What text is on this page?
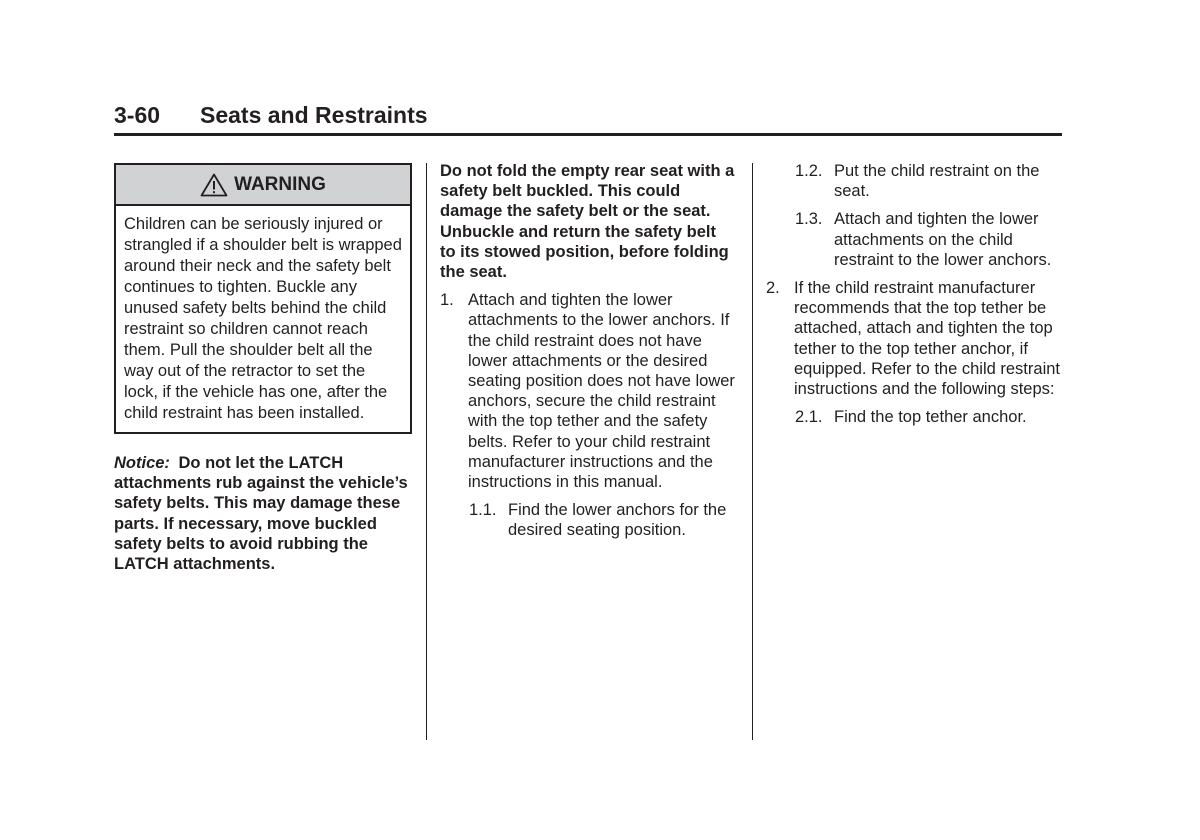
3-60 Seats and Restraints
WARNING
Children can be seriously injured or strangled if a shoulder belt is wrapped around their neck and the safety belt continues to tighten. Buckle any unused safety belts behind the child restraint so children cannot reach them. Pull the shoulder belt all the way out of the retractor to set the lock, if the vehicle has one, after the child restraint has been installed.
Notice: Do not let the LATCH attachments rub against the vehicle’s safety belts. This may damage these parts. If necessary, move buckled safety belts to avoid rubbing the LATCH attachments.
Do not fold the empty rear seat with a safety belt buckled. This could damage the safety belt or the seat. Unbuckle and return the safety belt to its stowed position, before folding the seat.
1. Attach and tighten the lower attachments to the lower anchors. If the child restraint does not have lower attachments or the desired seating position does not have lower anchors, secure the child restraint with the top tether and the safety belts. Refer to your child restraint manufacturer instructions and the instructions in this manual.
1.1. Find the lower anchors for the desired seating position.
1.2. Put the child restraint on the seat.
1.3. Attach and tighten the lower attachments on the child restraint to the lower anchors.
2. If the child restraint manufacturer recommends that the top tether be attached, attach and tighten the top tether to the top tether anchor, if equipped. Refer to the child restraint instructions and the following steps:
2.1. Find the top tether anchor.
